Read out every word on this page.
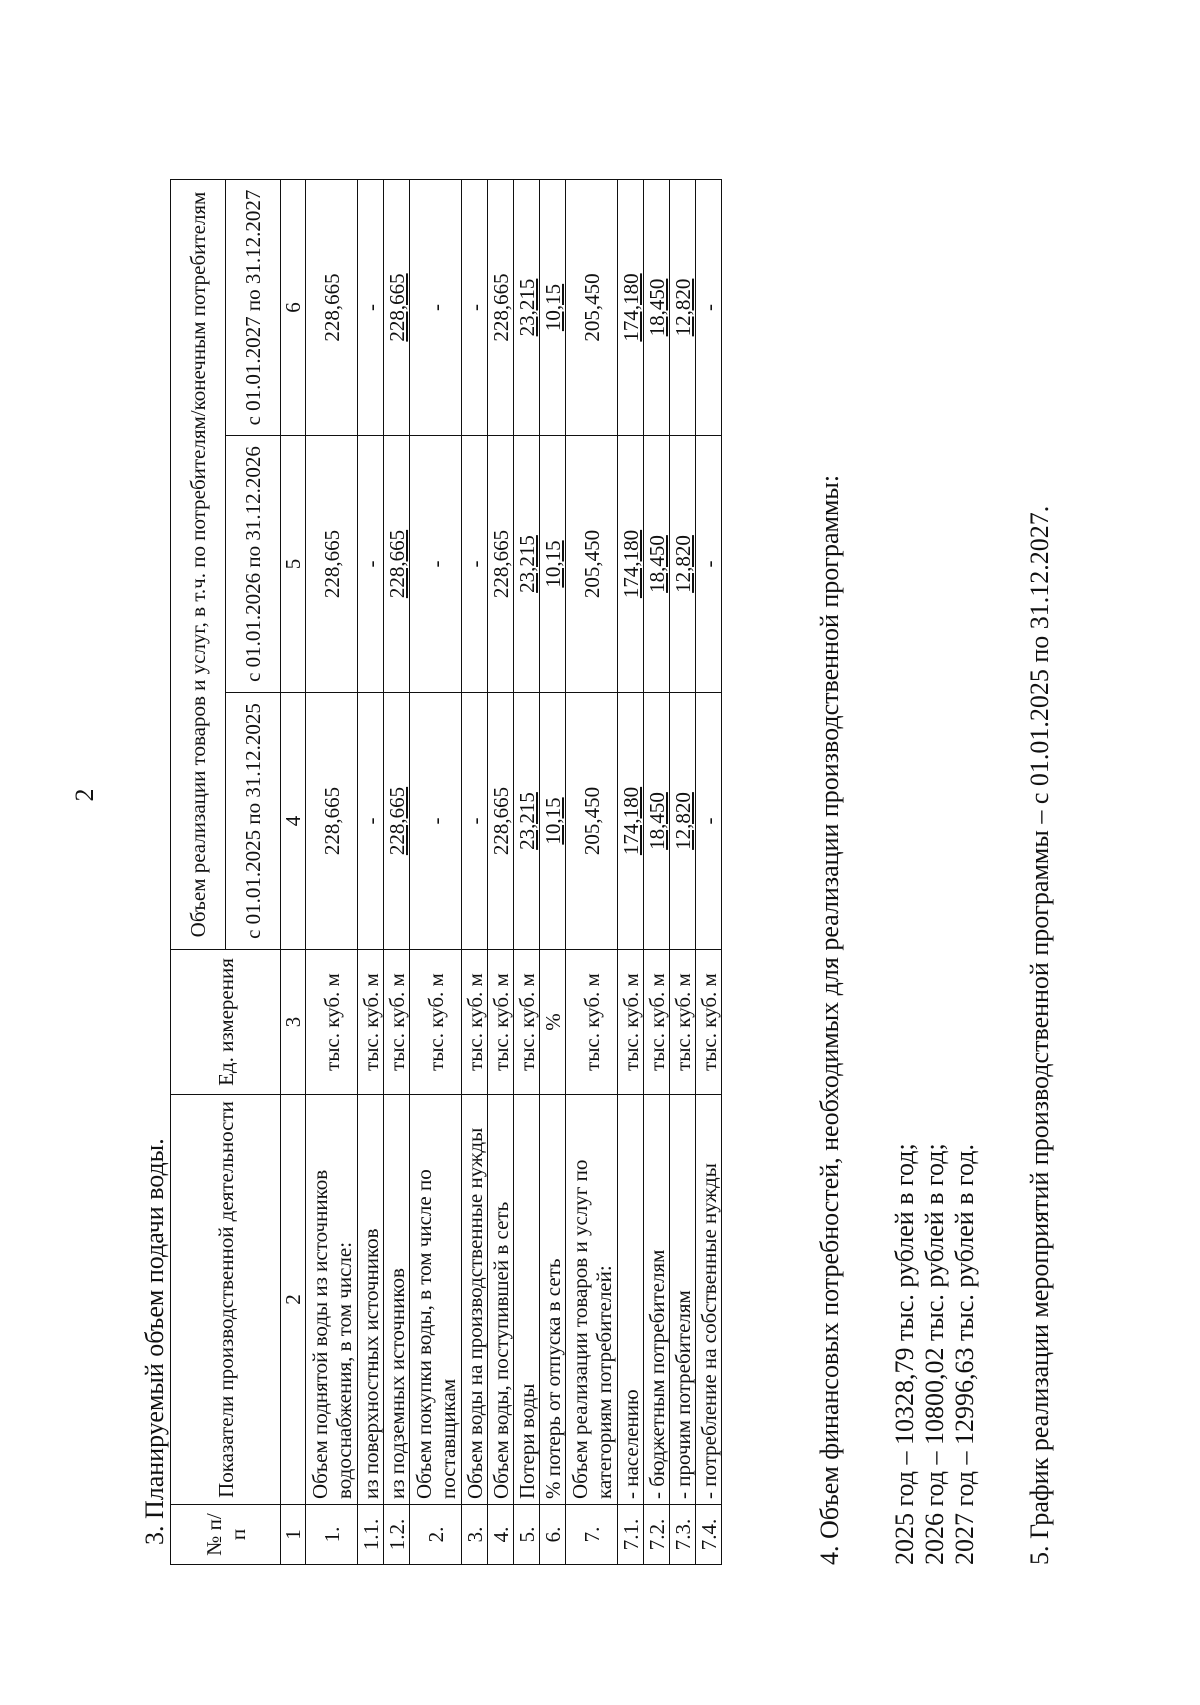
2
3. Планируемый объем подачи воды. № п/п	Показатели производственной деятельности	Ед. измерения	Объем реализации товаров и услуг, в т.ч. по потребителям/конечным потребителям		
			с 01.01.2025 по 31.12.2025	с 01.01.2026 по 31.12.2026	с 01.01.2027 по 31.12.2027
1	2	3	4	5	6
1.	Объем поднятой воды из источников водоснабжения, в том числе:	тыс. куб. м	228,665	228,665	228,665
1.1.	из поверхностных источников	тыс. куб. м	-	-	-
1.2.	из подземных источников	тыс. куб. м	228,665	228,665	228,665
2.	Объем покупки воды, в том числе по поставщикам	тыс. куб. м	-	-	-
3.	Объем воды на производственные нужды	тыс. куб. м	-	-	-
4.	Объем воды, поступившей в сеть	тыс. куб. м	228,665	228,665	228,665
5.	Потери воды	тыс. куб. м	23,215	23,215	23,215
6.	% потерь от отпуска в сеть	%	10,15	10,15	10,15
7.	Объем реализации товаров и услуг по категориям потребителей:	тыс. куб. м	205,450	205,450	205,450
7.1.	- населению	тыс. куб. м	174,180	174,180	174,180
7.2.	- бюджетным потребителям	тыс. куб. м	18,450	18,450	18,450
7.3.	- прочим потребителям	тыс. куб. м	12,820	12,820	12,820
7.4.	- потребление на собственные нужды	тыс. куб. м	-	-	-
4. Объем финансовых потребностей, необходимых для реализации производственной программы: 2025 год – 10328,79 тыс. рублей в год; 2026 год – 10800,02 тыс. рублей в год; 2027 год – 12996,63 тыс. рублей в год. 5. График реализации мероприятий производственной программы – с 01.01.2025 по 31.12.2027.
